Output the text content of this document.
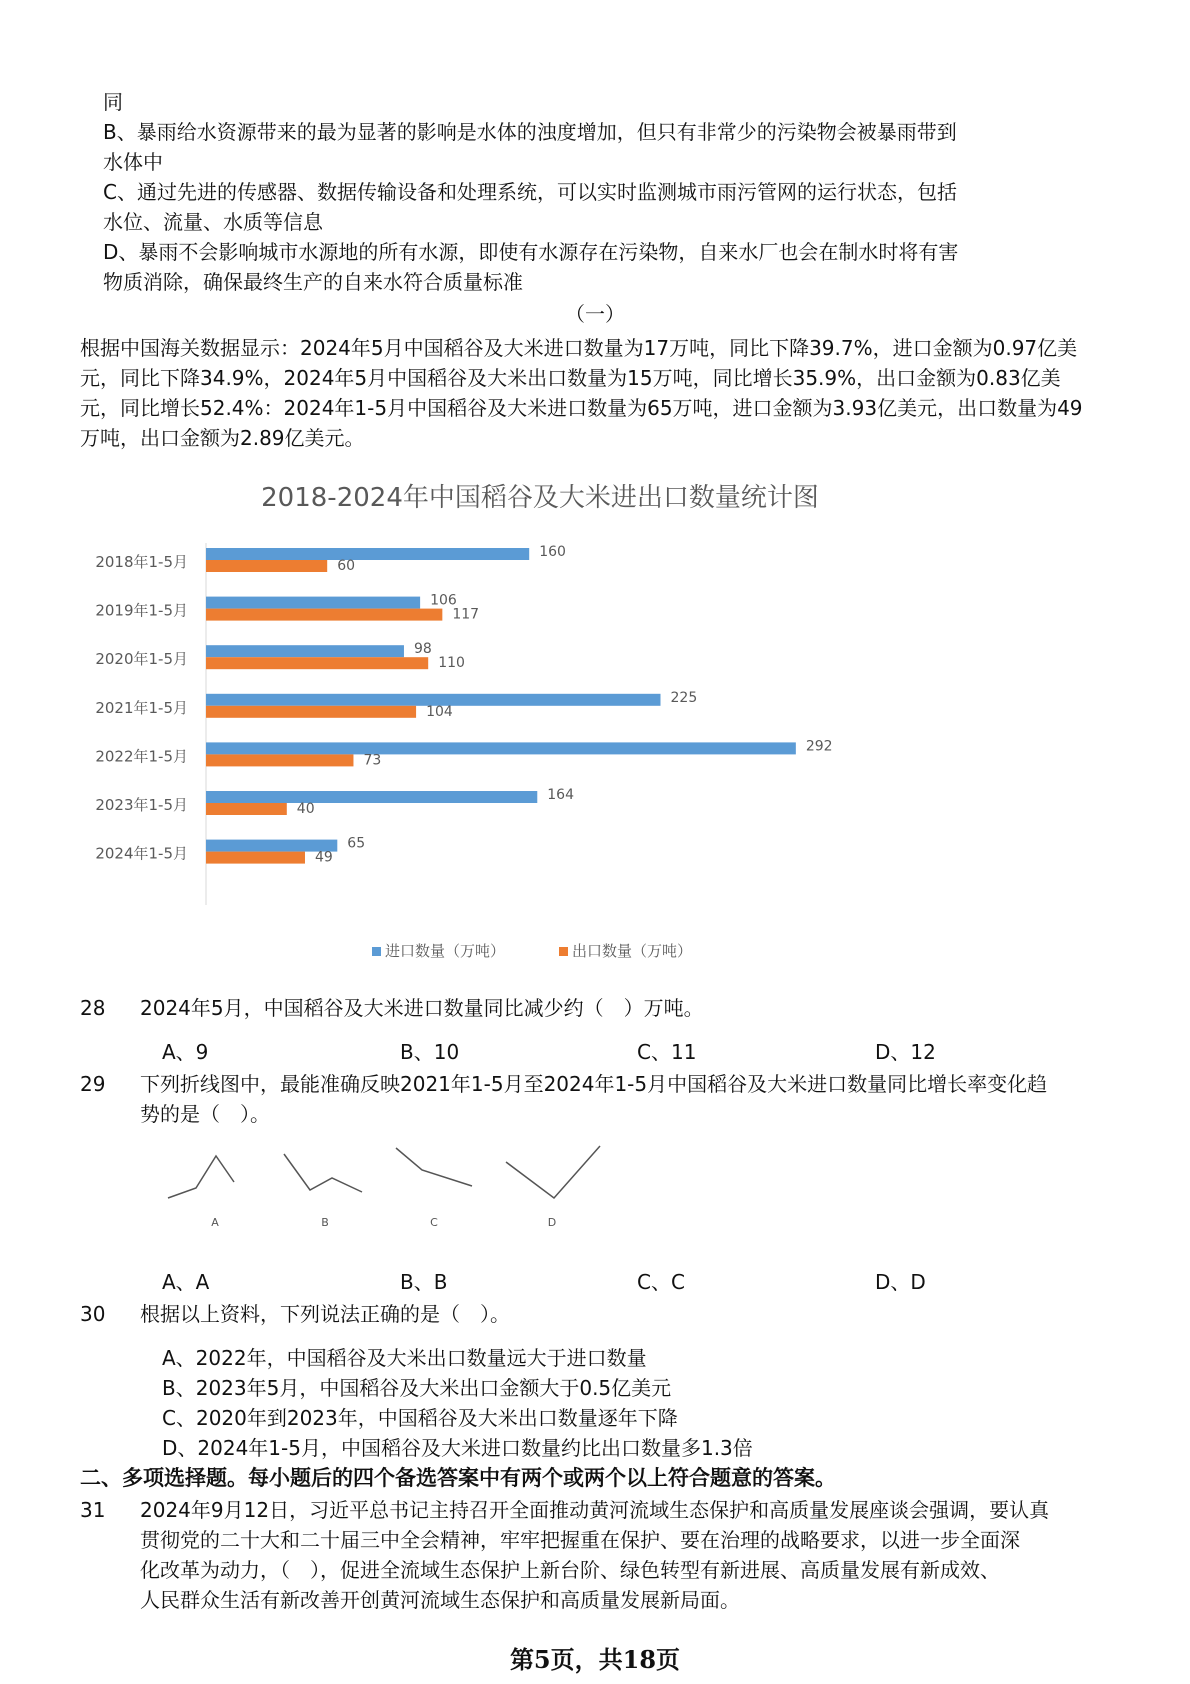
同
B、暴雨给水资源带来的最为显著的影响是水体的浊度增加，但只有非常少的污染物会被暴雨带到
水体中
C、通过先进的传感器、数据传输设备和处理系统，可以实时监测城市雨污管网的运行状态，包括
水位、流量、水质等信息
D、暴雨不会影响城市水源地的所有水源，即使有水源存在污染物，自来水厂也会在制水时将有害
物质消除，确保最终生产的自来水符合质量标准
（一）
根据中国海关数据显示：2024年5月中国稻谷及大米进口数量为17万吨，同比下降39.7%，进口金额为0.97亿美
元，同比下降34.9%，2024年5月中国稻谷及大米出口数量为15万吨，同比增长35.9%，出口金额为0.83亿美
元，同比增长52.4%：2024年1-5月中国稻谷及大米进口数量为65万吨，进口金额为3.93亿美元，出口数量为49
万吨，出口金额为2.89亿美元。
2018-2024年中国稻谷及大米进出口数量统计图
2018年1-5月
160
60
2019年1-5月
106
117
2020年1-5月
98
110
2021年1-5月
225
104
2022年1-5月
292
73
2023年1-5月
164
40
2024年1-5月
65
49
进口数量（万吨）	出口数量（万吨）
28 2024年5月，中国稻谷及大米进口数量同比减少约（　）万吨。
A、9	B、10	C、11	D、12
29 下列折线图中，最能准确反映2021年1-5月至2024年1-5月中国稻谷及大米进口数量同比增长率变化趋
势的是（　）。
A	B	C	D
A、A	B、B	C、C	D、D
30 根据以上资料，下列说法正确的是（　）。
A、2022年，中国稻谷及大米出口数量远大于进口数量
B、2023年5月，中国稻谷及大米出口金额大于0.5亿美元
C、2020年到2023年，中国稻谷及大米出口数量逐年下降
D、2024年1-5月，中国稻谷及大米进口数量约比出口数量多1.3倍
二、多项选择题。每小题后的四个备选答案中有两个或两个以上符合题意的答案。
31 2024年9月12日，习近平总书记主持召开全面推动黄河流域生态保护和高质量发展座谈会强调，要认真
贯彻党的二十大和二十届三中全会精神，牢牢把握重在保护、要在治理的战略要求，以进一步全面深
化改革为动力，（　），促进全流域生态保护上新台阶、绿色转型有新进展、高质量发展有新成效、
人民群众生活有新改善开创黄河流域生态保护和高质量发展新局面。
第5页，共18页
